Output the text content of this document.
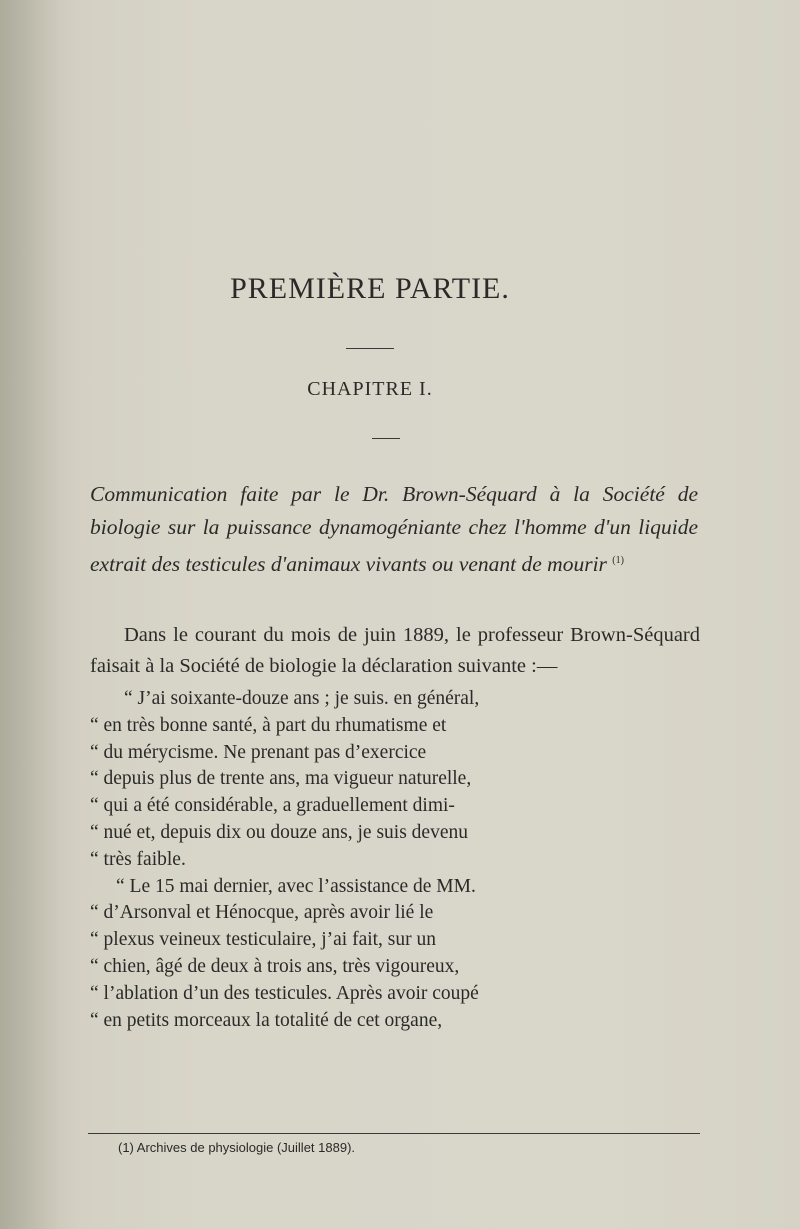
PREMIÈRE PARTIE.
CHAPITRE I.
Communication faite par le Dr. Brown-Séquard à la Société de biologie sur la puissance dynamogéniante chez l'homme d'un liquide extrait des testicules d'animaux vivants ou venant de mourir $^{(1)}$

Dans le courant du mois de juin 1889, le professeur Brown-Séquard faisait à la Société de biologie la déclaration suivante :—

“ J’ai soixante-douze ans ; je suis. en général,
“ en très bonne santé, à part du rhumatisme et
“ du mérycisme. Ne prenant pas d’exercice
“ depuis plus de trente ans, ma vigueur naturelle,
“ qui a été considérable, a graduellement dimi-
“ nué et, depuis dix ou douze ans, je suis devenu
“ très faible.
“ Le 15 mai dernier, avec l’assistance de MM.
“ d’Arsonval et Hénocque, après avoir lié le
“ plexus veineux testiculaire, j’ai fait, sur un
“ chien, âgé de deux à trois ans, très vigoureux,
“ l’ablation d’un des testicules. Après avoir coupé
“ en petits morceaux la totalité de cet organe,
(1) Archives de physiologie (Juillet 1889).
